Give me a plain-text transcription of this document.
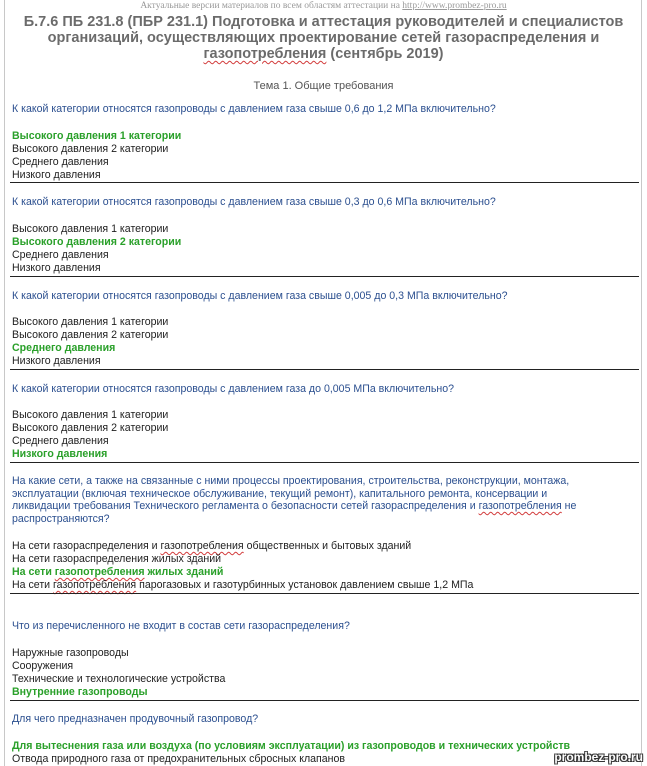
Актуальные версии материалов по всем областям аттестации на http://www.prombez-pro.ru
Б.7.6 ПБ 231.8 (ПБР 231.1) Подготовка и аттестация руководителей и специалистов
организаций, осуществляющих проектирование сетей газораспределения и
газопотребления (сентябрь 2019)
Тема 1. Общие требования
К какой категории относятся газопроводы с давлением газа свыше 0,6 до 1,2 МПа включительно?
Высокого давления 1 категории
Высокого давления 2 категории
Среднего давления
Низкого давления
К какой категории относятся газопроводы с давлением газа свыше 0,3 до 0,6 МПа включительно?
Высокого давления 1 категории
Высокого давления 2 категории
Среднего давления
Низкого давления
К какой категории относятся газопроводы с давлением газа свыше 0,005 до 0,3 МПа включительно?
Высокого давления 1 категории
Высокого давления 2 категории
Среднего давления
Низкого давления
К какой категории относятся газопроводы с давлением газа до 0,005 МПа включительно?
Высокого давления 1 категории
Высокого давления 2 категории
Среднего давления
Низкого давления
На какие сети, а также на связанные с ними процессы проектирования, строительства, реконструкции, монтажа,
эксплуатации (включая техническое обслуживание, текущий ремонт), капитального ремонта, консервации и
ликвидации требования Технического регламента о безопасности сетей газораспределения и газопотребления не
распространяются?
На сети газораспределения и газопотребления общественных и бытовых зданий
На сети газораспределения жилых зданий
На сети газопотребления жилых зданий
На сети газопотребления парогазовых и газотурбинных установок давлением свыше 1,2 МПа
Что из перечисленного не входит в состав сети газораспределения?
Наружные газопроводы
Сооружения
Технические и технологические устройства
Внутренние газопроводы
Для чего предназначен продувочный газопровод?
Для вытеснения газа или воздуха (по условиям эксплуатации) из газопроводов и технических устройств
Отвода природного газа от предохранительных сбросных клапанов	prombez-pro.ru
